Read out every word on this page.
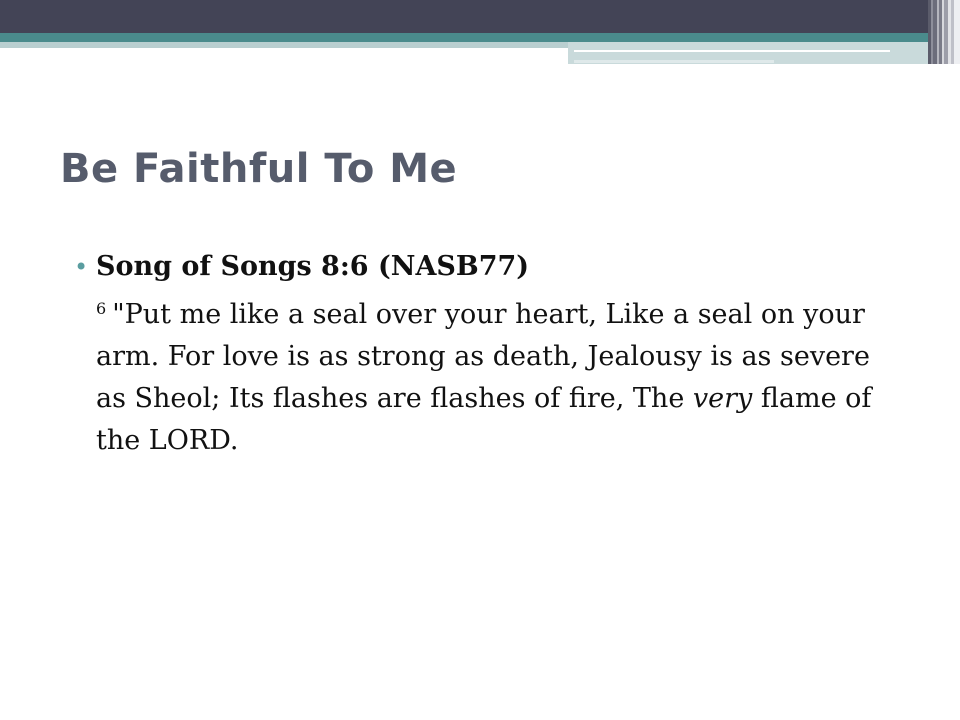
Be Faithful To Me
• Song of Songs 8:6 (NASB77)
$^6$ "Put me like a seal over your heart, Like a seal on your arm. For love is as strong as death, Jealousy is as severe as Sheol; Its flashes are flashes of fire, The very flame of the LORD.
